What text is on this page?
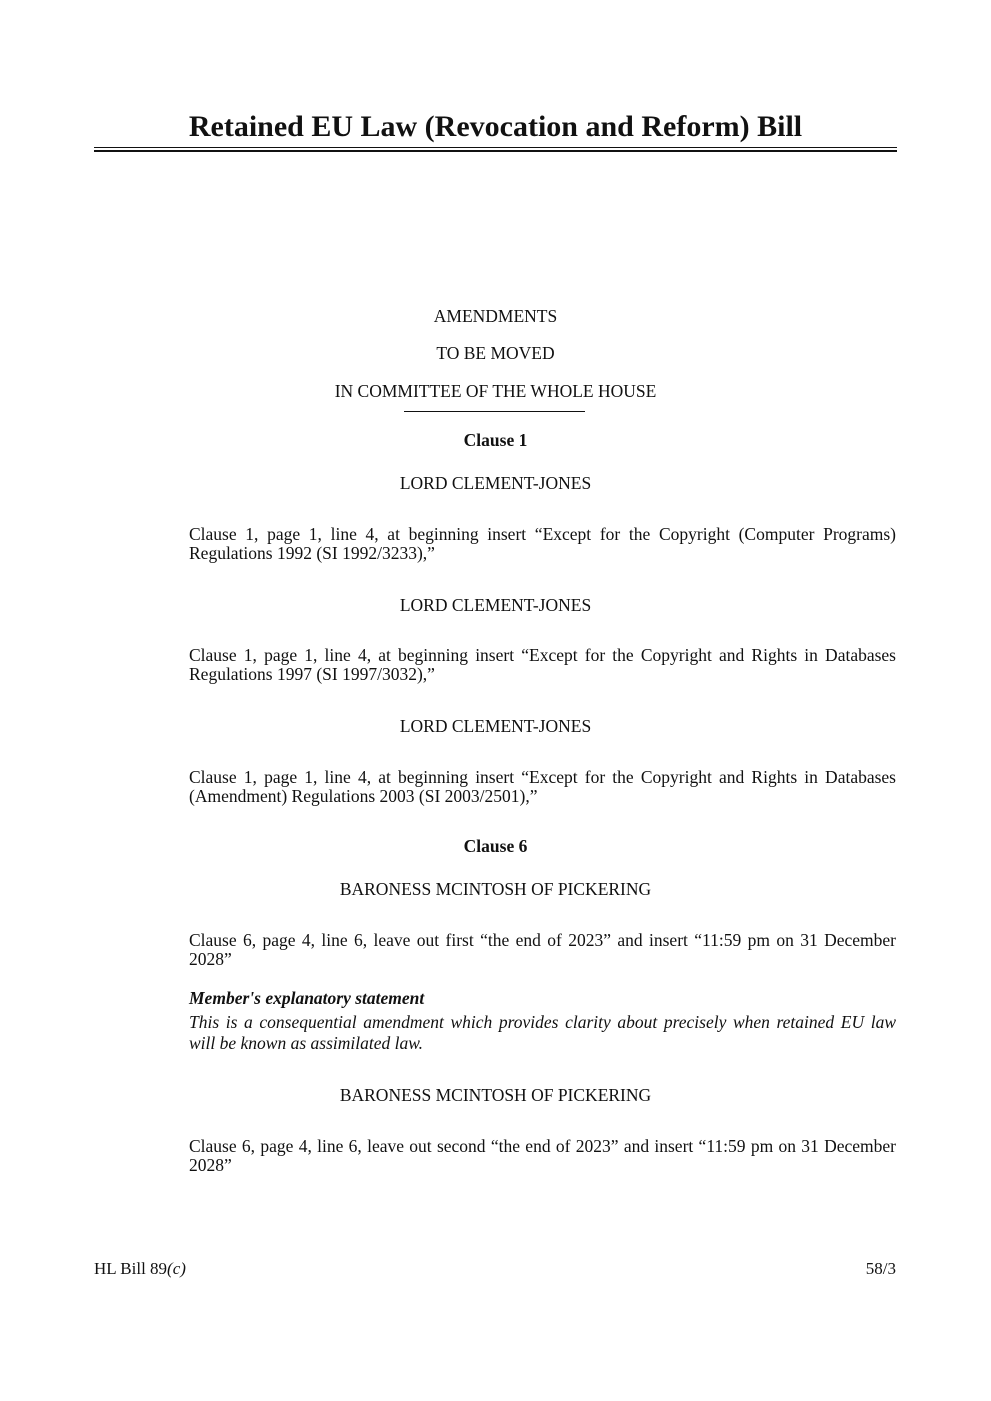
Retained EU Law (Revocation and Reform) Bill
AMENDMENTS
TO BE MOVED
IN COMMITTEE OF THE WHOLE HOUSE
Clause 1
LORD CLEMENT-JONES
Clause 1, page 1, line 4, at beginning insert “Except for the Copyright (Computer Programs) Regulations 1992 (SI 1992/3233),”
LORD CLEMENT-JONES
Clause 1, page 1, line 4, at beginning insert “Except for the Copyright and Rights in Databases Regulations 1997 (SI 1997/3032),”
LORD CLEMENT-JONES
Clause 1, page 1, line 4, at beginning insert “Except for the Copyright and Rights in Databases (Amendment) Regulations 2003 (SI 2003/2501),”
Clause 6
BARONESS MCINTOSH OF PICKERING
Clause 6, page 4, line 6, leave out first “the end of 2023” and insert “11:59 pm on 31 December 2028”
Member's explanatory statement
This is a consequential amendment which provides clarity about precisely when retained EU law will be known as assimilated law.
BARONESS MCINTOSH OF PICKERING
Clause 6, page 4, line 6, leave out second “the end of 2023” and insert “11:59 pm on 31 December 2028”
HL Bill 89(c)	58/3
